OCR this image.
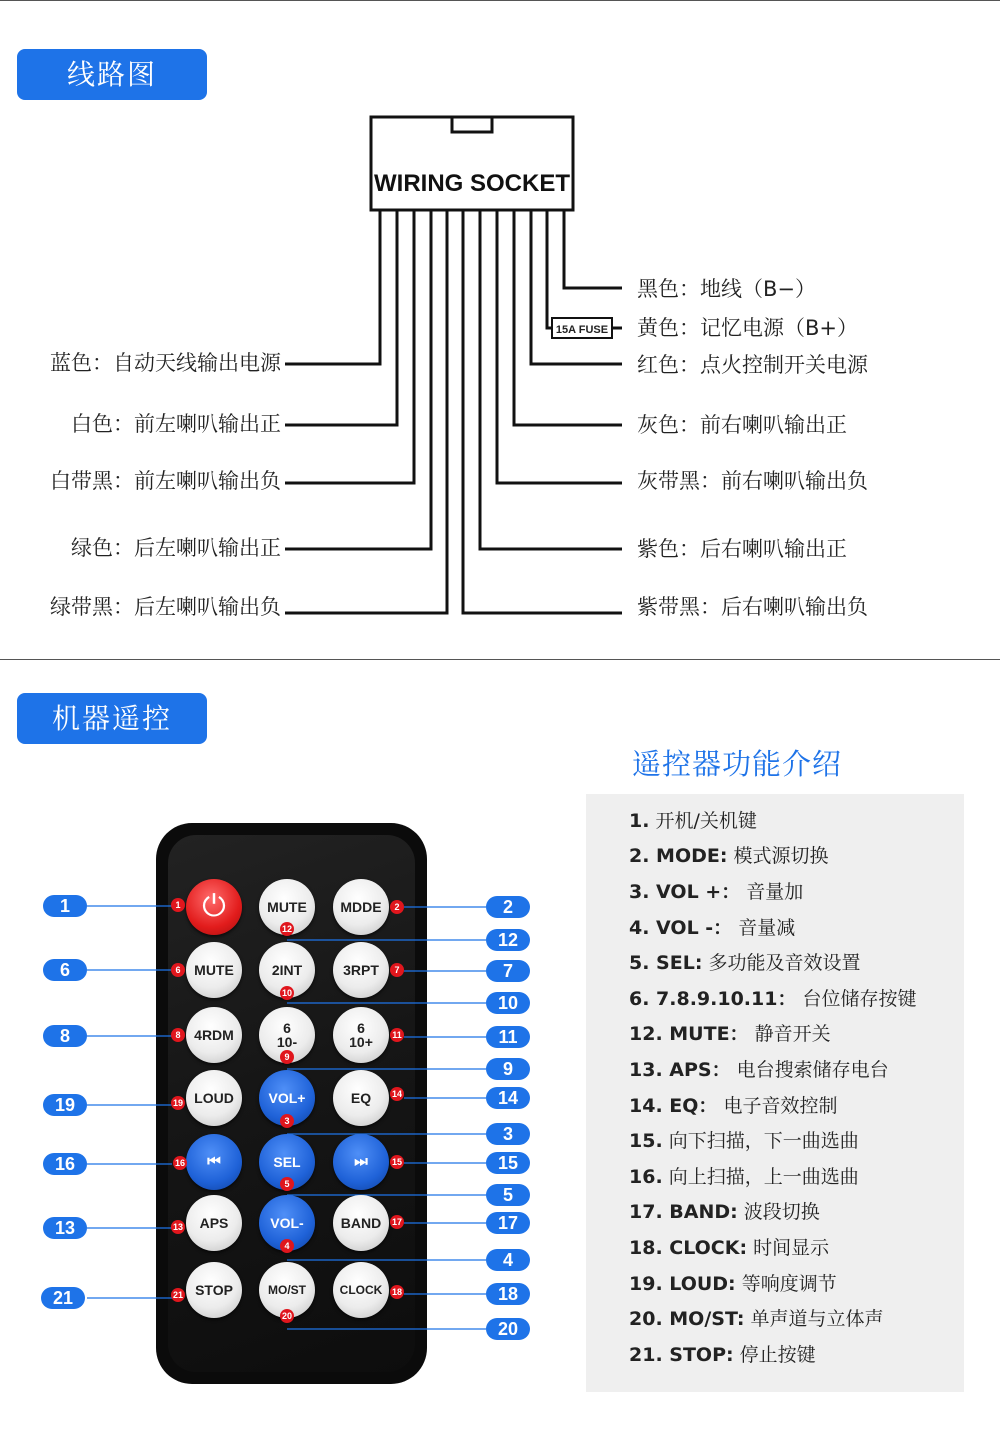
线路图
机器遥控
WIRING SOCKET
15A FUSE
蓝色：自动天线输出电源
白色：前左喇叭输出正
白带黑：前左喇叭输出负
绿色：后左喇叭输出正
绿带黑：后左喇叭输出负
黑色：地线（B−）
黄色：记忆电源（B+）
红色：点火控制开关电源
灰色：前右喇叭输出正
灰带黑：前右喇叭输出负
紫色：后右喇叭输出正
紫带黑：后右喇叭输出负
遥控器功能介绍
1. 开机/关机键
2. MODE: 模式源切换
3. VOL +： 音量加
4. VOL -： 音量减
5. SEL: 多功能及音效设置
6. 7.8.9.10.11： 台位储存按键
12. MUTE： 静音开关
13. APS： 电台搜索储存电台
14. EQ： 电子音效控制
15. 向下扫描，下一曲选曲
16. 向上扫描，上一曲选曲
17. BAND: 波段切换
18. CLOCK: 时间显示
19. LOUD: 等响度调节
20. MO/ST: 单声道与立体声
21. STOP: 停止按键
⏻
1	MUTE
12
MDDE	2
MUTE
6	2INT
10
3RPT	7
4RDM
8	6
10-
9
6
10+ 11
LOUD
19	VOL+
3
EQ 14
⏮
16	SEL
5
⏭	15
APS
13	VOL-
4
BAND 17
STOP
21	MO/ST
20
CLOCK 18
1
6
8
19
16
13
21
2
12
7
10
11
9
14
3
15
5
17
4
18
20
